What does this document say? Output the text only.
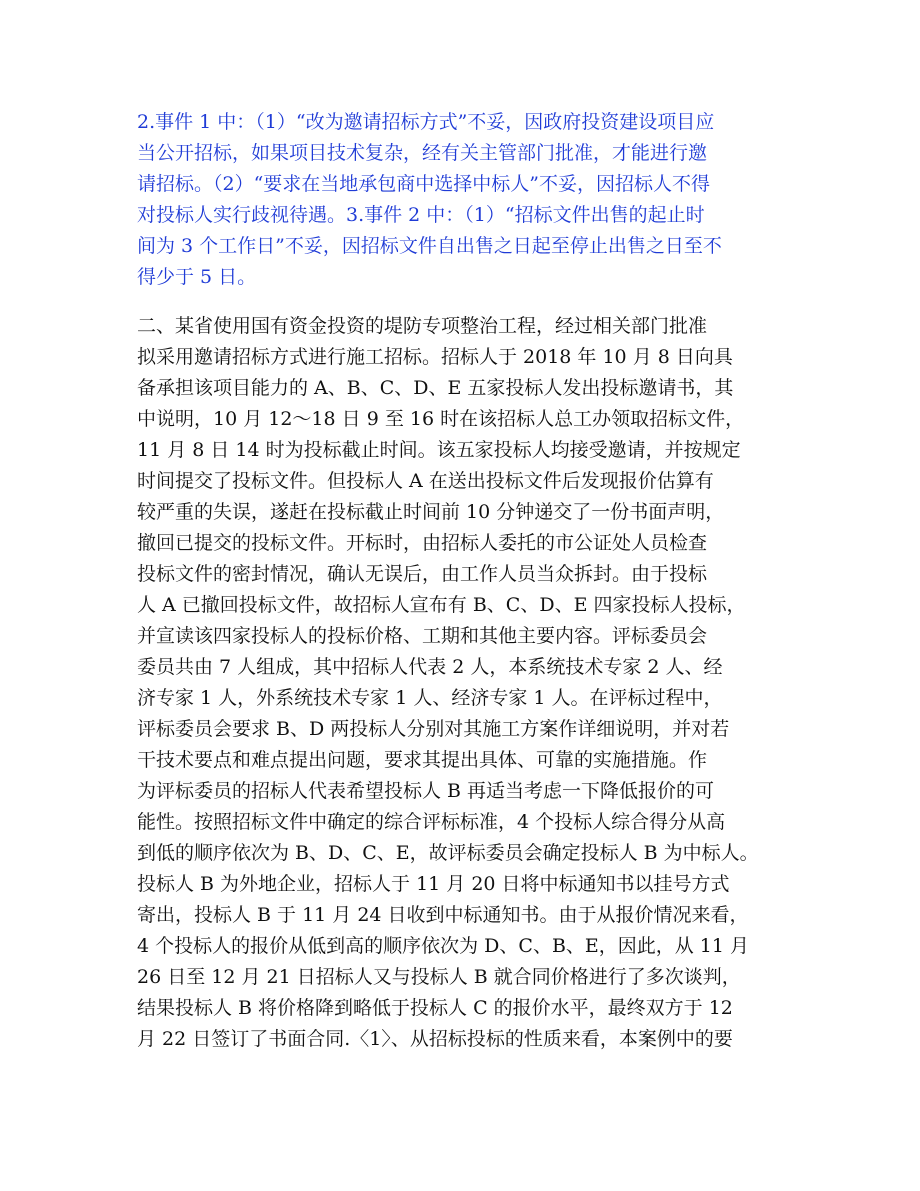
2.事件 1 中：（1）“改为邀请招标方式”不妥，因政府投资建设项目应
当公开招标，如果项目技术复杂，经有关主管部门批准，才能进行邀
请招标。（2）“要求在当地承包商中选择中标人”不妥，因招标人不得
对投标人实行歧视待遇。3.事件 2 中：（1）“招标文件出售的起止时
间为 3 个工作日”不妥，因招标文件自出售之日起至停止出售之日至不
得少于 5 日。
二、某省使用国有资金投资的堤防专项整治工程，经过相关部门批准
拟采用邀请招标方式进行施工招标。招标人于 2018 年 10 月 8 日向具
备承担该项目能力的 A、B、C、D、E 五家投标人发出投标邀请书，其
中说明，10 月 12～18 日 9 至 16 时在该招标人总工办领取招标文件，
11 月 8 日 14 时为投标截止时间。该五家投标人均接受邀请，并按规定
时间提交了投标文件。但投标人 A 在送出投标文件后发现报价估算有
较严重的失误，遂赶在投标截止时间前 10 分钟递交了一份书面声明，
撤回已提交的投标文件。开标时，由招标人委托的市公证处人员检查
投标文件的密封情况，确认无误后，由工作人员当众拆封。由于投标
人 A 已撤回投标文件，故招标人宣布有 B、C、D、E 四家投标人投标，
并宣读该四家投标人的投标价格、工期和其他主要内容。评标委员会
委员共由 7 人组成，其中招标人代表 2 人，本系统技术专家 2 人、经
济专家 1 人，外系统技术专家 1 人、经济专家 1 人。在评标过程中，
评标委员会要求 B、D 两投标人分别对其施工方案作详细说明，并对若
干技术要点和难点提出问题，要求其提出具体、可靠的实施措施。作
为评标委员的招标人代表希望投标人 B 再适当考虑一下降低报价的可
能性。按照招标文件中确定的综合评标标准，4 个投标人综合得分从高
到低的顺序依次为 B、D、C、E，故评标委员会确定投标人 B 为中标人。
投标人 B 为外地企业，招标人于 11 月 20 日将中标通知书以挂号方式
寄出，投标人 B 于 11 月 24 日收到中标通知书。由于从报价情况来看，
4 个投标人的报价从低到高的顺序依次为 D、C、B、E，因此，从 11 月
26 日至 12 月 21 日招标人又与投标人 B 就合同价格进行了多次谈判，
结果投标人 B 将价格降到略低于投标人 C 的报价水平，最终双方于 12
月 22 日签订了书面合同.〈1〉、从招标投标的性质来看，本案例中的要
